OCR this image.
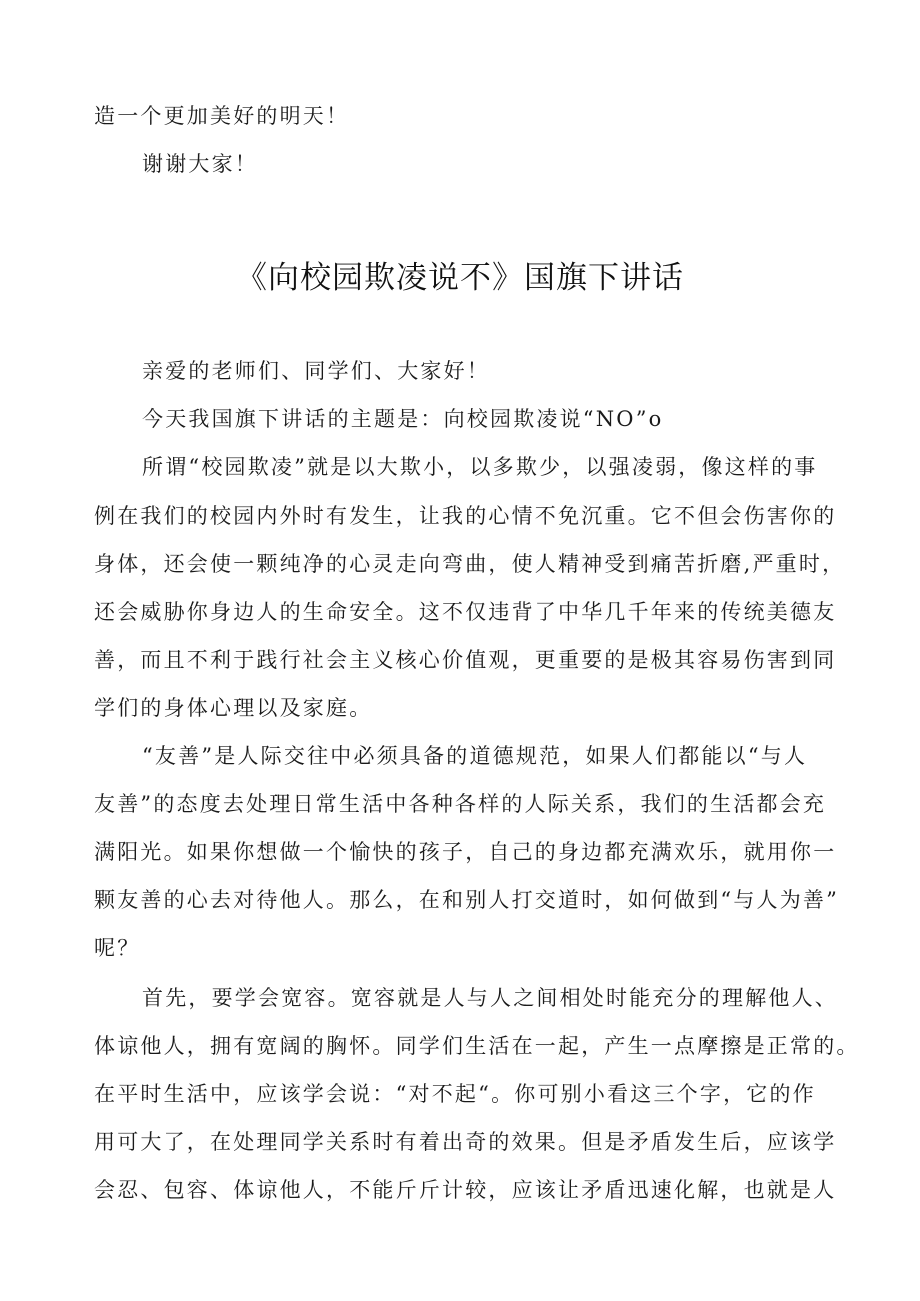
造一个更加美好的明天！
谢谢大家！
《向校园欺凌说不》国旗下讲话
亲爱的老师们、同学们、大家好！
今天我国旗下讲话的主题是：向校园欺凌说“NO”o
所谓“校园欺凌”就是以大欺小，以多欺少，以强凌弱，像这样的事
例在我们的校园内外时有发生，让我的心情不免沉重。它不但会伤害你的
身体，还会使一颗纯净的心灵走向弯曲，使人精神受到痛苦折磨,严重时，
还会威胁你身边人的生命安全。这不仅违背了中华几千年来的传统美德友
善，而且不利于践行社会主义核心价值观，更重要的是极其容易伤害到同
学们的身体心理以及家庭。
“友善”是人际交往中必须具备的道德规范，如果人们都能以“与人
友善”的态度去处理日常生活中各种各样的人际关系，我们的生活都会充
满阳光。如果你想做一个愉快的孩子，自己的身边都充满欢乐，就用你一
颗友善的心去对待他人。那么，在和别人打交道时，如何做到“与人为善”
呢？
首先，要学会宽容。宽容就是人与人之间相处时能充分的理解他人、
体谅他人，拥有宽阔的胸怀。同学们生活在一起，产生一点摩擦是正常的。
在平时生活中，应该学会说：“对不起“。你可别小看这三个字，它的作
用可大了，在处理同学关系时有着出奇的效果。但是矛盾发生后，应该学
会忍、包容、体谅他人，不能斤斤计较，应该让矛盾迅速化解，也就是人
